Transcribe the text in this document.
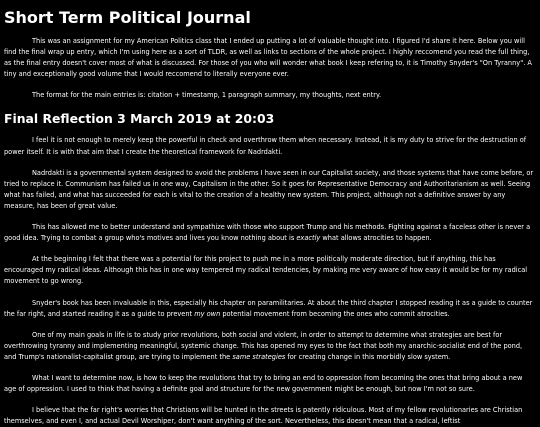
Short Term Political Journal

This was an assignment for my American Politics class that I ended up putting a lot of valuable thought into. I figured I'd share it here. Below you will find the final wrap up entry, which I'm using here as a sort of TLDR, as well as links to sections of the whole project. I highly reccomend you read the full thing, as the final entry doesn't cover most of what is discussed. For those of you who will wonder what book I keep refering to, it is Timothy Snyder's "On Tyranny". A tiny and exceptionally good volume that I would reccomend to literally everyone ever.

The format for the main entries is: citation + timestamp, 1 paragraph summary, my thoughts, next entry.

Final Reflection 3 March 2019 at 20:03

I feel it is not enough to merely keep the powerful in check and overthrow them when necessary. Instead, it is my duty to strive for the destruction of power itself. It is with that aim that I create the theoretical framework for Nadrdakti.

Nadrdakti is a governmental system designed to avoid the problems I have seen in our Capitalist society, and those systems that have come before, or tried to replace it. Communism has failed us in one way, Capitalism in the other. So it goes for Representative Democracy and Authoritarianism as well. Seeing what has failed, and what has succeeded for each is vital to the creation of a healthy new system. This project, although not a definitive answer by any measure, has been of great value.

This has allowed me to better understand and sympathize with those who support Trump and his methods. Fighting against a faceless other is never a good idea. Trying to combat a group who's motives and lives you know nothing about is exactly what allows atrocities to happen.

At the beginning I felt that there was a potential for this project to push me in a more politically moderate direction, but if anything, this has encouraged my radical ideas. Although this has in one way tempered my radical tendencies, by making me very aware of how easy it would be for my radical movement to go wrong.

Snyder's book has been invaluable in this, especially his chapter on paramilitaries. At about the third chapter I stopped reading it as a guide to counter the far right, and started reading it as a guide to prevent my own potential movement from becoming the ones who commit atrocities.

One of my main goals in life is to study prior revolutions, both social and violent, in order to attempt to determine what strategies are best for overthrowing tyranny and implementing meaningful, systemic change. This has opened my eyes to the fact that both my anarchic-socialist end of the pond, and Trump's nationalist-capitalist group, are trying to implement the same strategies for creating change in this morbidly slow system.

What I want to determine now, is how to keep the revolutions that try to bring an end to oppression from becoming the ones that bring about a new age of oppression. I used to think that having a definite goal and structure for the new government might be enough, but now I'm not so sure.

I believe that the far right's worries that Christians will be hunted in the streets is patently ridiculous. Most of my fellow revolutionaries are Christian themselves, and even I, and actual Devil Worshiper, don't want anything of the sort. Nevertheless, this doesn't mean that a radical, leftist
